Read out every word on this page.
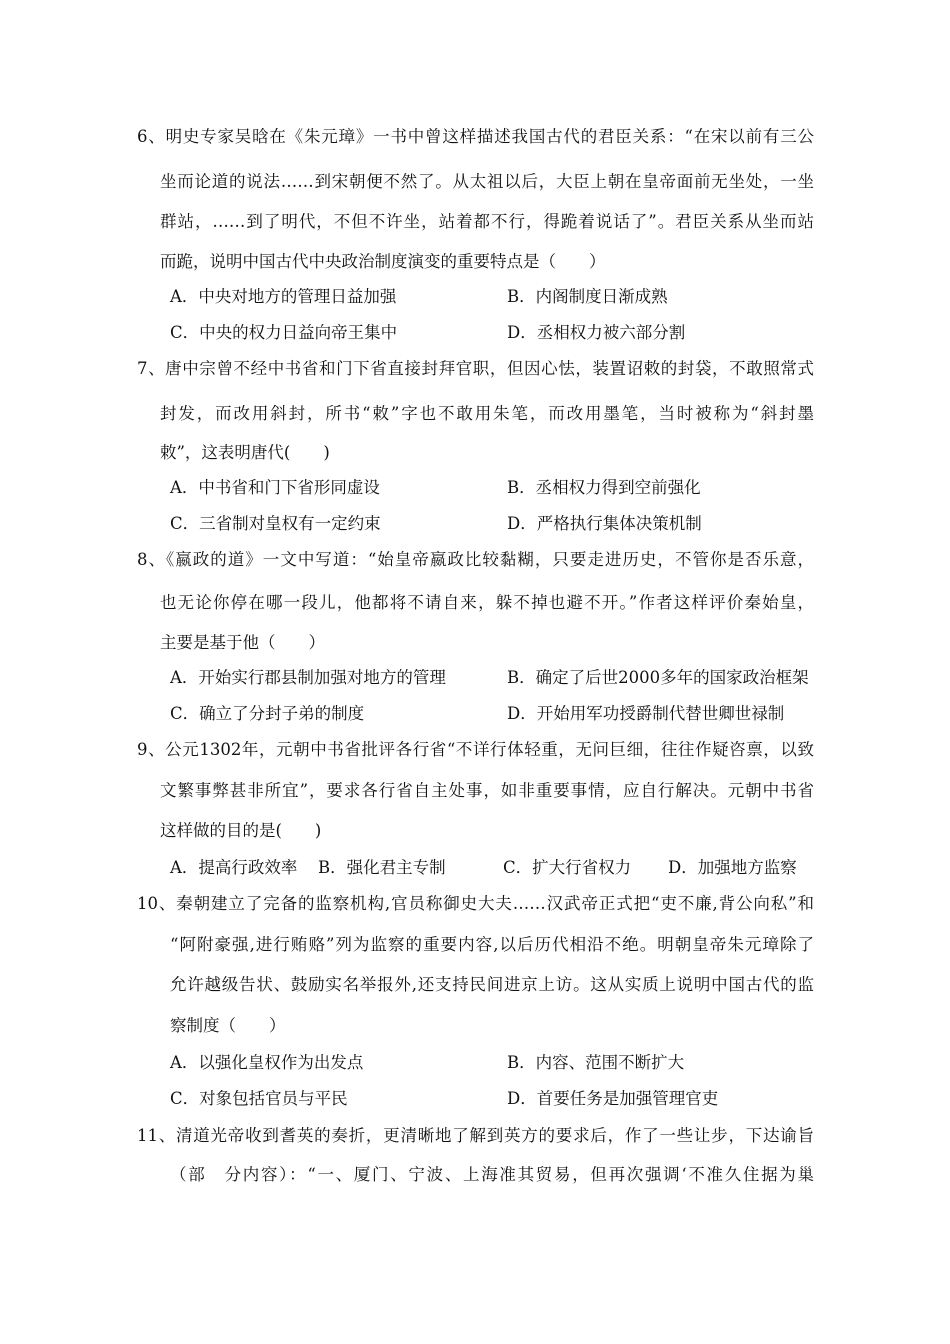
6、明史专家吴晗在《朱元璋》一书中曾这样描述我国古代的君臣关系：“在宋以前有三公
坐而论道的说法……到宋朝便不然了。从太祖以后，大臣上朝在皇帝面前无坐处，一坐
群站，……到了明代，不但不许坐，站着都不行，得跪着说话了”。君臣关系从坐而站
而跪，说明中国古代中央政治制度演变的重要特点是（　　）
A．中央对地方的管理日益加强	B．内阁制度日渐成熟
C．中央的权力日益向帝王集中	D．丞相权力被六部分割
7、唐中宗曾不经中书省和门下省直接封拜官职，但因心怯，装置诏敕的封袋，不敢照常式
封发，而改用斜封，所书“敕”字也不敢用朱笔，而改用墨笔，当时被称为“斜封墨
敕”，这表明唐代(　　)
A．中书省和门下省形同虚设	B．丞相权力得到空前强化
C．三省制对皇权有一定约束	D．严格执行集体决策机制
8、《嬴政的道》一文中写道：“始皇帝嬴政比较黏糊，只要走进历史，不管你是否乐意，
也无论你停在哪一段儿，他都将不请自来，躲不掉也避不开。”作者这样评价秦始皇，
主要是基于他（　　）
A．开始实行郡县制加强对地方的管理	B．确定了后世2000多年的国家政治框架
C．确立了分封子弟的制度	D．开始用军功授爵制代替世卿世禄制
9、公元1302年，元朝中书省批评各行省“不详行体轻重，无问巨细，往往作疑咨禀，以致
文繁事弊甚非所宜”，要求各行省自主处事，如非重要事情，应自行解决。元朝中书省
这样做的目的是(　　)
A．提高行政效率 B．强化君主专制	C．扩大行省权力 D．加强地方监察
10、秦朝建立了完备的监察机构,官员称御史大夫……汉武帝正式把“吏不廉,背公向私”和
“阿附豪强,进行贿赂”列为监察的重要内容,以后历代相沿不绝。明朝皇帝朱元璋除了
允许越级告状、鼓励实名举报外,还支持民间进京上访。这从实质上说明中国古代的监
察制度（　　）
A．以强化皇权作为出发点	B．内容、范围不断扩大
C．对象包括官员与平民	D．首要任务是加强管理官吏
11、清道光帝收到耆英的奏折，更清晰地了解到英方的要求后，作了一些让步，下达谕旨
（部　分内容）：“一、厦门、宁波、上海准其贸易，但再次强调‘不准久住据为巢
